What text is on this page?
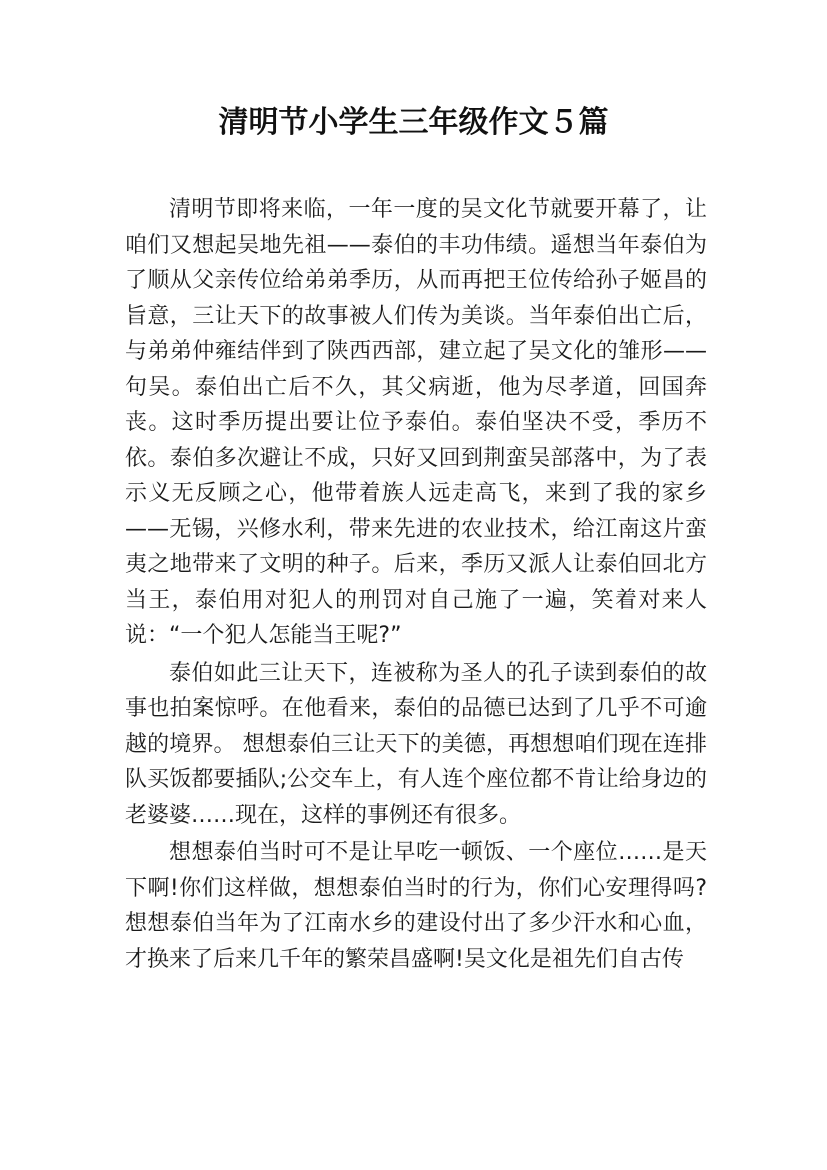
清明节小学生三年级作文５篇

清明节即将来临，一年一度的吴文化节就要开幕了，让咱们又想起吴地先祖——泰伯的丰功伟绩。遥想当年泰伯为了顺从父亲传位给弟弟季历，从而再把王位传给孙子姬昌的旨意，三让天下的故事被人们传为美谈。当年泰伯出亡后，与弟弟仲雍结伴到了陕西西部，建立起了吴文化的雏形——句吴。泰伯出亡后不久，其父病逝，他为尽孝道，回国奔丧。这时季历提出要让位予泰伯。泰伯坚决不受，季历不依。泰伯多次避让不成，只好又回到荆蛮吴部落中，为了表示义无反顾之心，他带着族人远走高飞，来到了我的家乡——无锡，兴修水利，带来先进的农业技术，给江南这片蛮夷之地带来了文明的种子。后来，季历又派人让泰伯回北方当王，泰伯用对犯人的刑罚对自己施了一遍，笑着对来人说：“一个犯人怎能当王呢?”

泰伯如此三让天下，连被称为圣人的孔子读到泰伯的故事也拍案惊呼。在他看来，泰伯的品德已达到了几乎不可逾越的境界。 想想泰伯三让天下的美德，再想想咱们现在连排队买饭都要插队;公交车上，有人连个座位都不肯让给身边的老婆婆……现在，这样的事例还有很多。

想想泰伯当时可不是让早吃一顿饭、一个座位……是天下啊!你们这样做，想想泰伯当时的行为，你们心安理得吗?想想泰伯当年为了江南水乡的建设付出了多少汗水和心血，才换来了后来几千年的繁荣昌盛啊!吴文化是祖先们自古传
